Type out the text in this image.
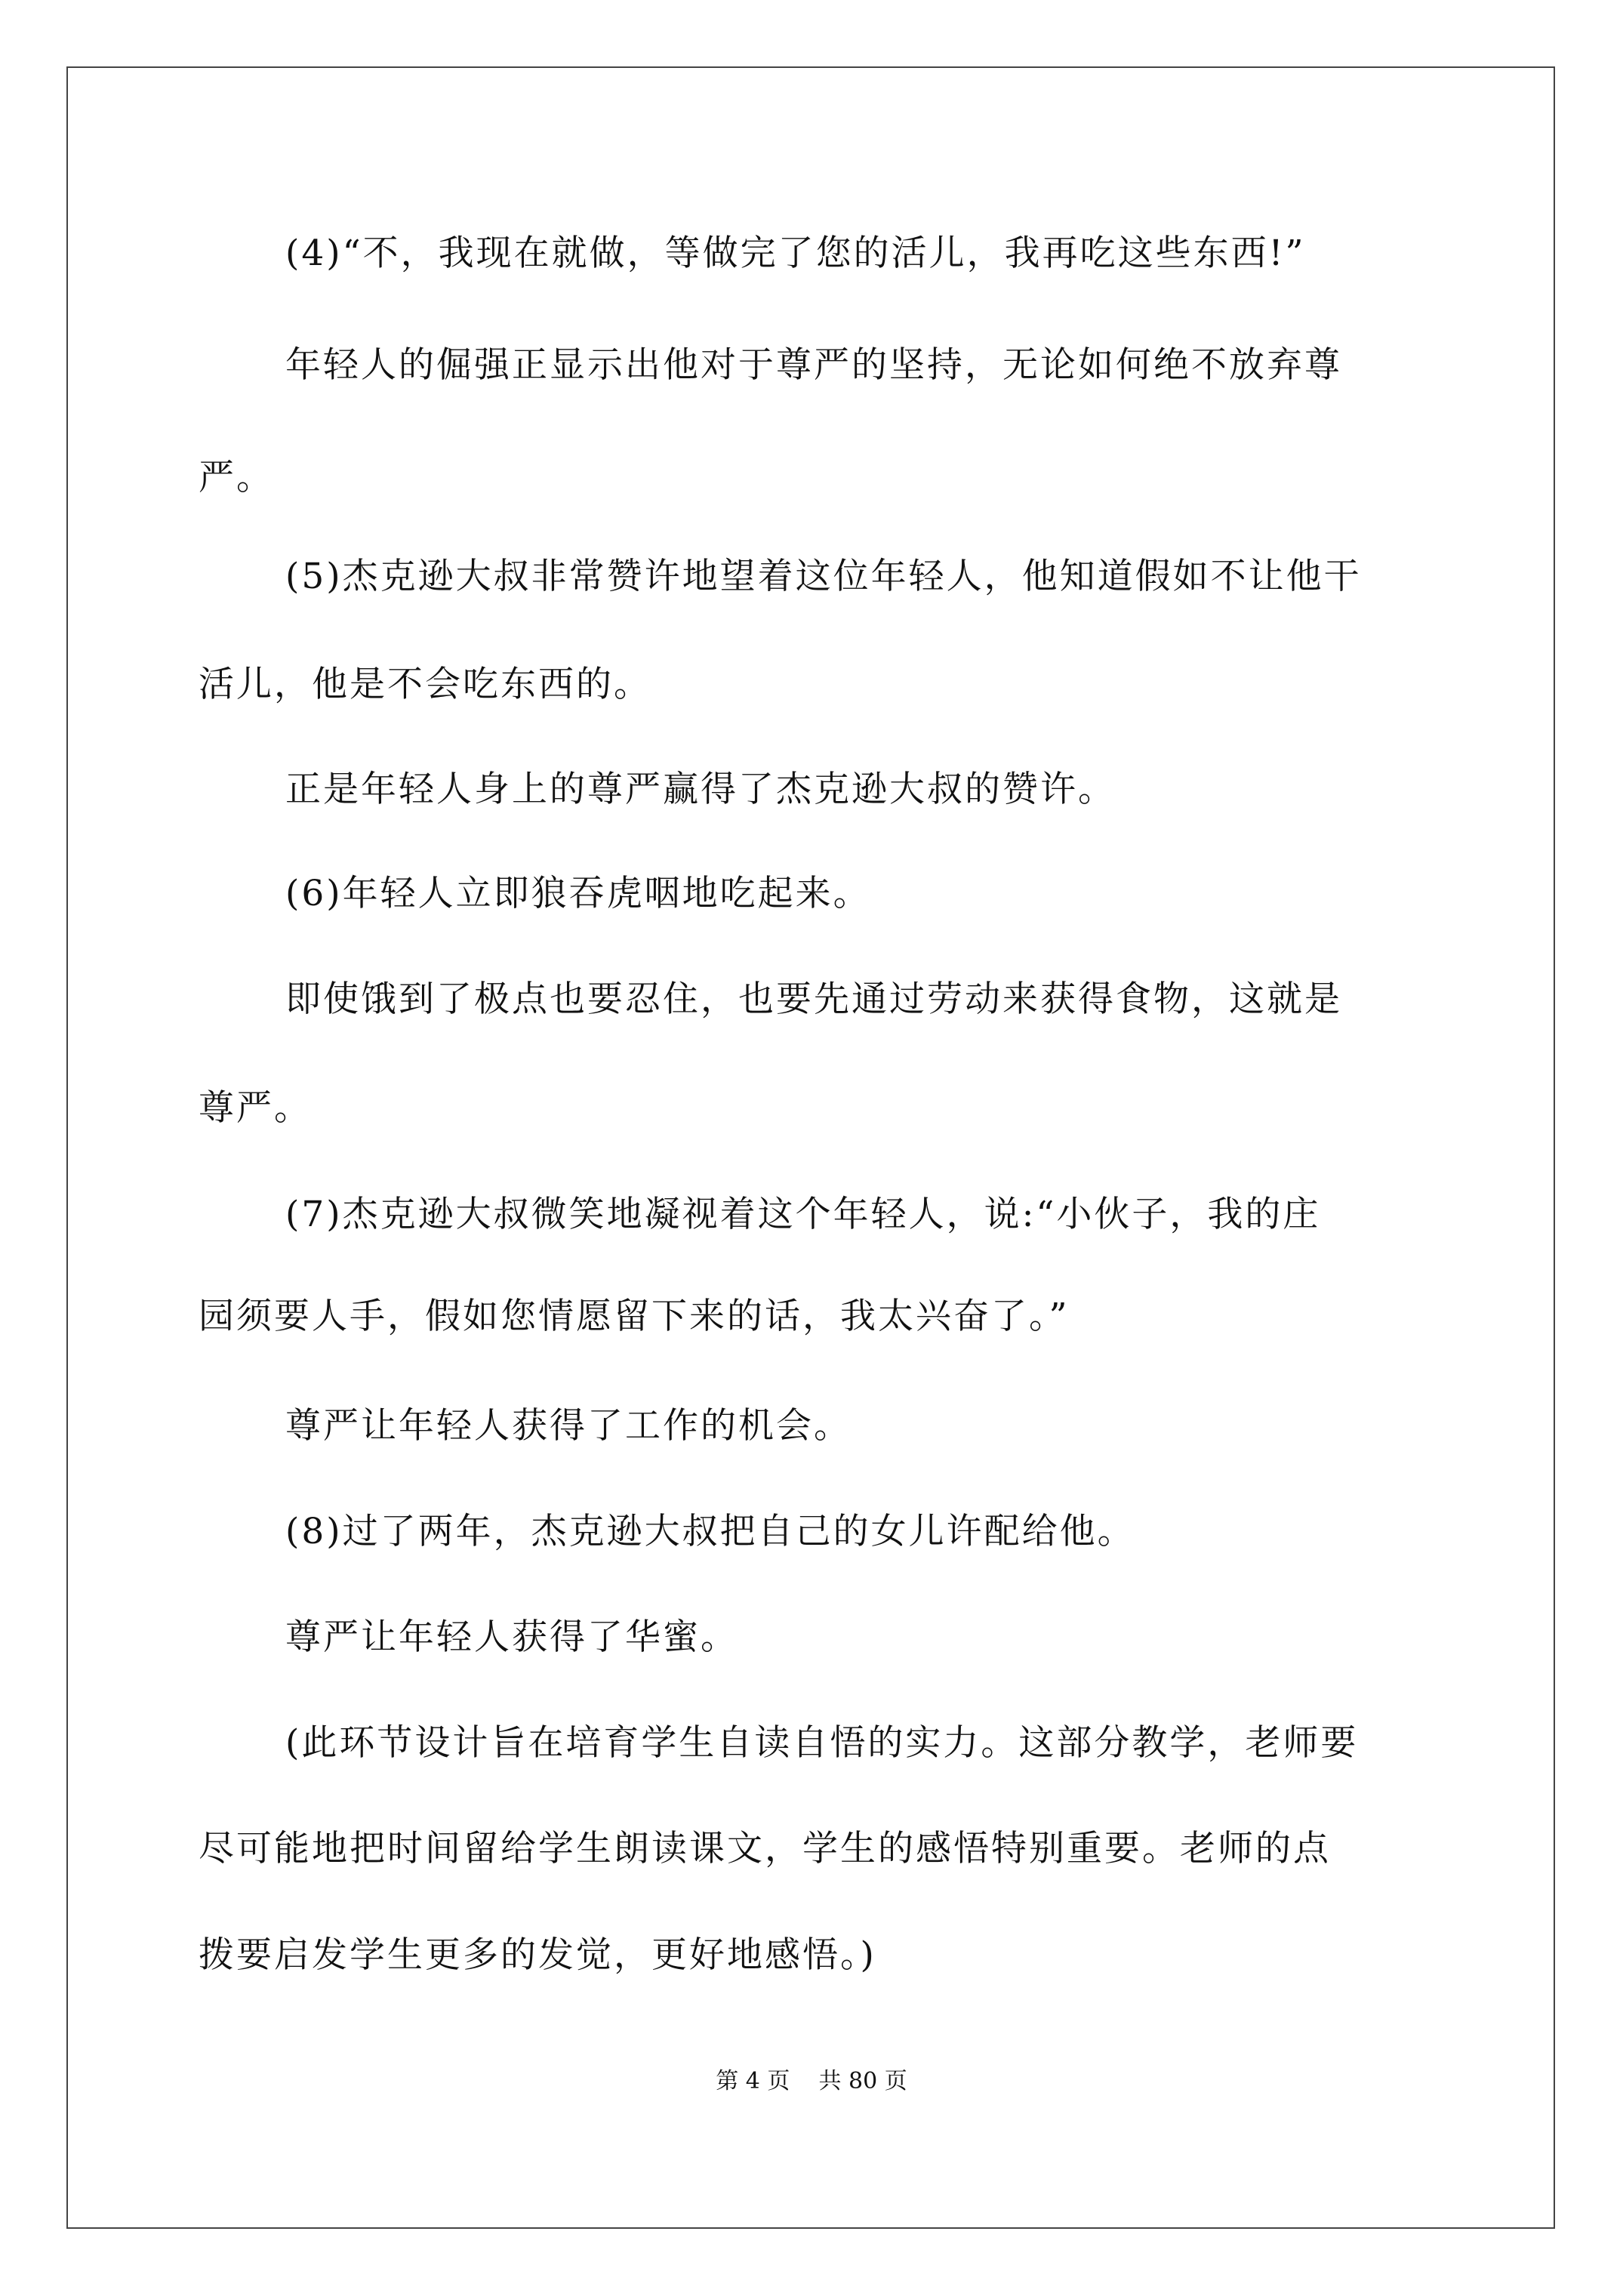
(4)“不，我现在就做，等做完了您的活儿，我再吃这些东西!”
年轻人的倔强正显示出他对于尊严的坚持，无论如何绝不放弃尊
严。
(5)杰克逊大叔非常赞许地望着这位年轻人，他知道假如不让他干
活儿，他是不会吃东西的。
正是年轻人身上的尊严赢得了杰克逊大叔的赞许。
(6)年轻人立即狼吞虎咽地吃起来。
即使饿到了极点也要忍住，也要先通过劳动来获得食物，这就是
尊严。
(7)杰克逊大叔微笑地凝视着这个年轻人，说:“小伙子，我的庄
园须要人手，假如您情愿留下来的话，我太兴奋了。”
尊严让年轻人获得了工作的机会。
(8)过了两年，杰克逊大叔把自己的女儿许配给他。
尊严让年轻人获得了华蜜。
(此环节设计旨在培育学生自读自悟的实力。这部分教学，老师要
尽可能地把时间留给学生朗读课文，学生的感悟特别重要。老师的点
拨要启发学生更多的发觉，更好地感悟。)
第 4 页    共 80 页
